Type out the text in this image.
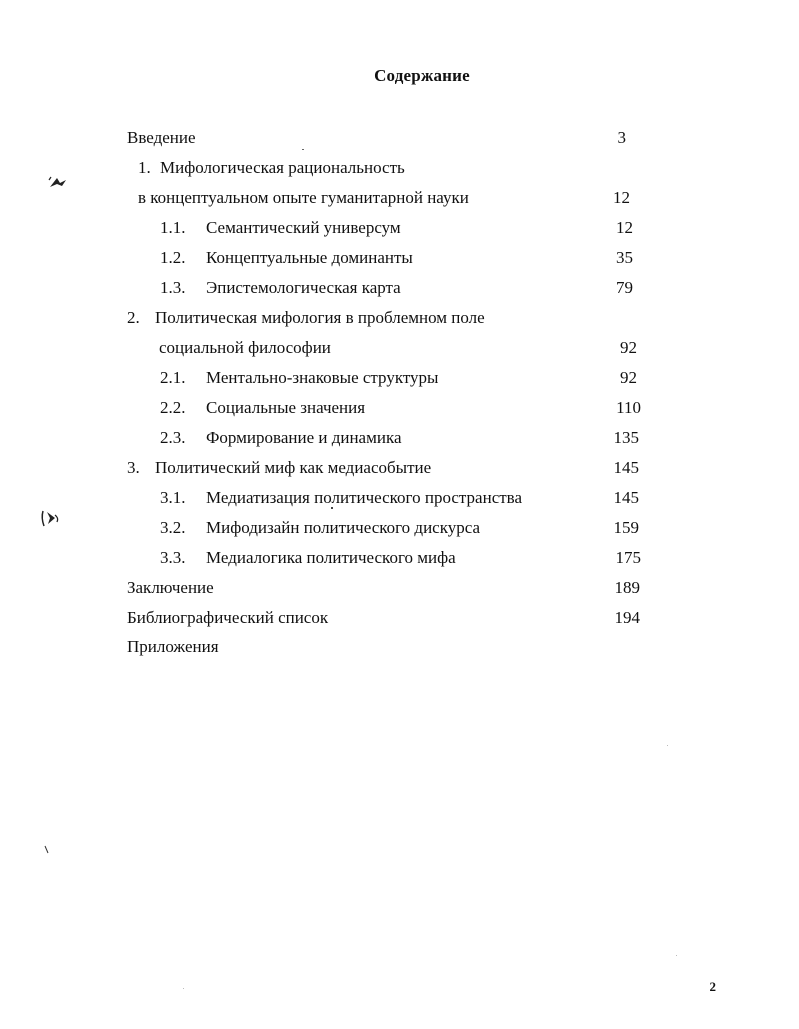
Содержание
Введение	3
1. Мифологическая рациональность
в концептуальном опыте гуманитарной науки	12
1.1. Семантический универсум	12
1.2. Концептуальные доминанты	35
1.3. Эпистемологическая карта	79
2. Политическая мифология в проблемном поле
социальной философии	92
2.1. Ментально-знаковые структуры	92
2.2. Социальные значения	110
2.3. Формирование и динамика	135
3. Политический миф как медиасобытие	145
3.1. Медиатизация политического пространства	145
3.2. Мифодизайн политического дискурса	159
3.3. Медиалогика политического мифа	175
Заключение	189
Библиографический список	194
Приложения
2
